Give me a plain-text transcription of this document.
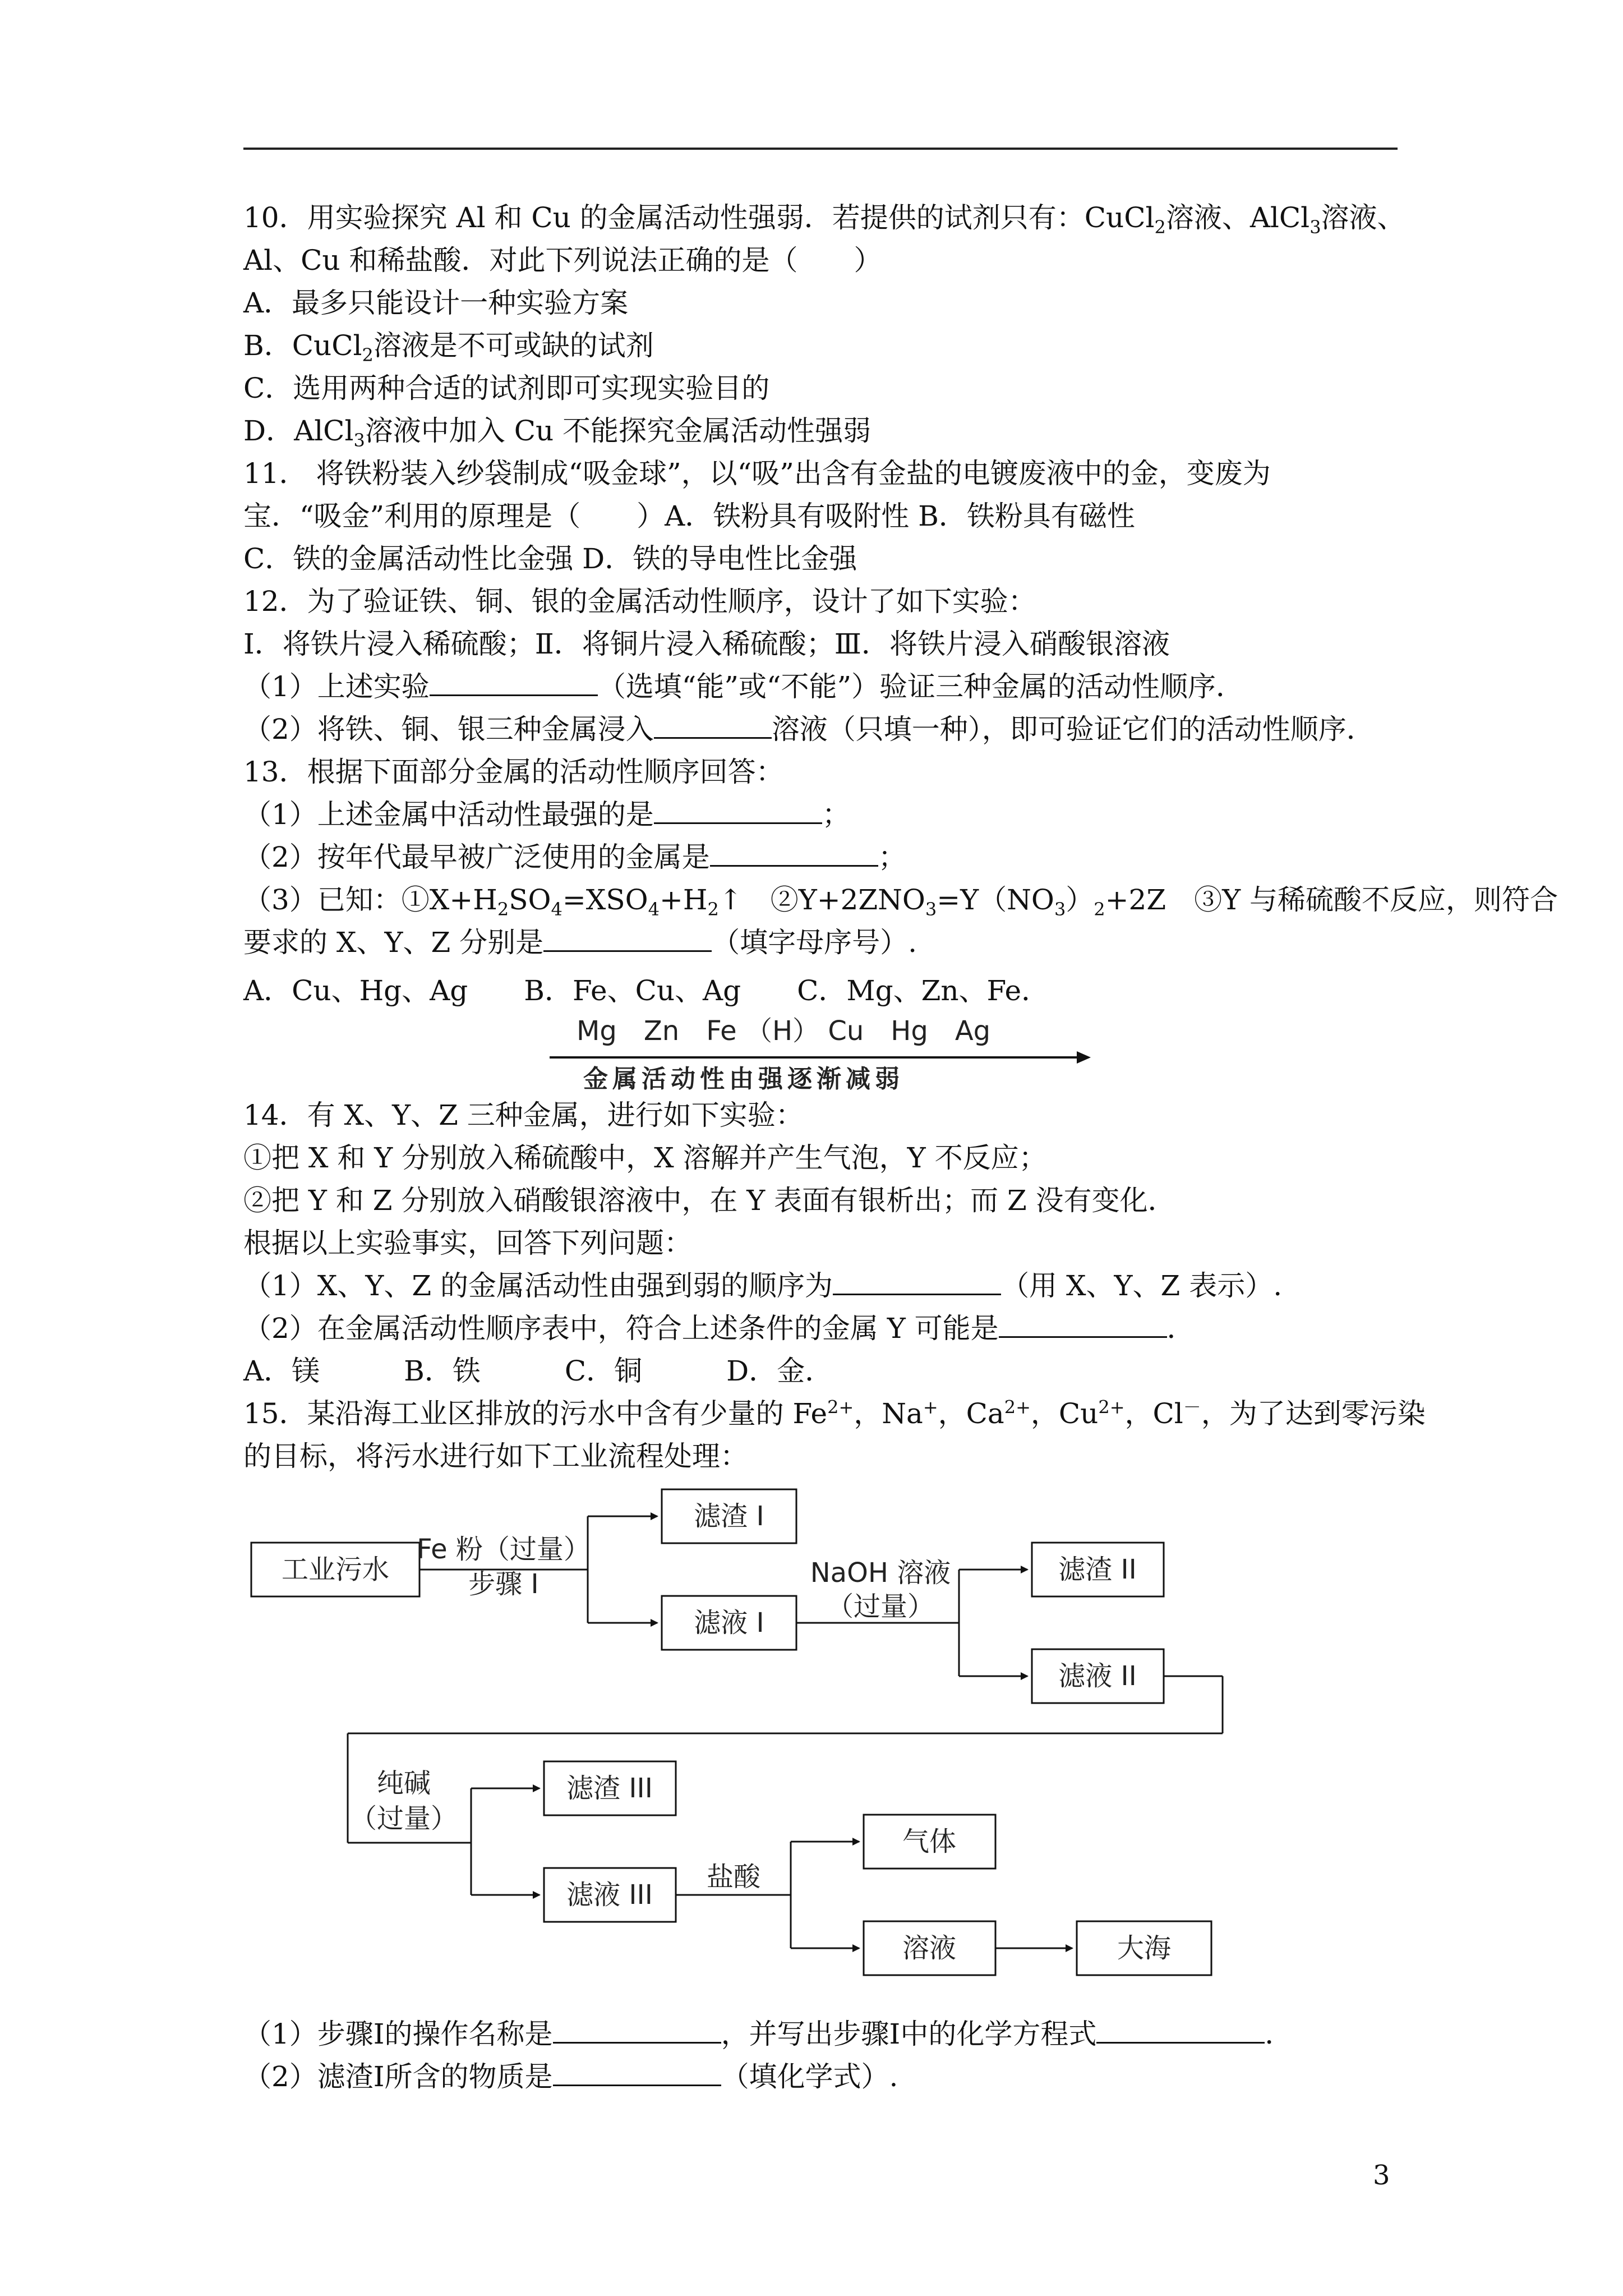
10．用实验探究 Al 和 Cu 的金属活动性强弱．若提供的试剂只有：CuCl$_2$溶液、AlCl$_3$溶液、
Al、Cu 和稀盐酸．对此下列说法正确的是（　　）
A．最多只能设计一种实验方案
B．CuCl$_2$溶液是不可或缺的试剂
C．选用两种合适的试剂即可实现实验目的
D．AlCl$_3$溶液中加入 Cu 不能探究金属活动性强弱
11． 将铁粉装入纱袋制成“吸金球”，以“吸”出含有金盐的电镀废液中的金，变废为
宝．“吸金”利用的原理是（　　）A．铁粉具有吸附性 B．铁粉具有磁性
C．铁的金属活动性比金强 D．铁的导电性比金强
12．为了验证铁、铜、银的金属活动性顺序，设计了如下实验：
Ⅰ．将铁片浸入稀硫酸；Ⅱ．将铜片浸入稀硫酸；Ⅲ．将铁片浸入硝酸银溶液
（1）上述实验	（选填“能”或“不能”）验证三种金属的活动性顺序．
（2）将铁、铜、银三种金属浸入	溶液（只填一种），即可验证它们的活动性顺序．
13．根据下面部分金属的活动性顺序回答：
（1）上述金属中活动性最强的是	；
（2）按年代最早被广泛使用的金属是	；
（3）已知：$①X+H_2SO_4=XSO_4+H_2↑$　$②Y+2ZNO_3=Y(NO_3)_2+2Z$　③Y 与稀硫酸不反应，则符合
要求的 X、Y、Z 分别是	（填字母序号）.
A．Cu、Hg、Ag　　B．Fe、Cu、Ag　　C．Mg、Zn、Fe．
Mg　Zn　Fe （H） Cu　Hg　Ag
金属活动性由强逐渐减弱
14．有 X、Y、Z 三种金属，进行如下实验：
①把 X 和 Y 分别放入稀硫酸中，X 溶解并产生气泡，Y 不反应；
②把 Y 和 Z 分别放入硝酸银溶液中，在 Y 表面有银析出；而 Z 没有变化．
根据以上实验事实，回答下列问题：
（1）X、Y、Z 的金属活动性由强到弱的顺序为	（用 X、Y、Z 表示）.
（2）在金属活动性顺序表中，符合上述条件的金属 Y 可能是	．
A．镁　　　B．铁　　　C．铜　　　D．金．
15．某沿海工业区排放的污水中含有少量的 $Fe^{2+}$，Na+，$Ca^{2+}$，$Cu^{2+}$，Cl－，为了达到零污染
的目标，将污水进行如下工业流程处理：
工业污水
Fe 粉（过量）
步骤 I
滤渣 I
滤液 I
NaOH 溶液
（过量）
滤渣 II
滤液 II
纯碱
（过量）
滤渣 III
滤液 III
盐酸
气体
溶液	大海
（1）步骤Ⅰ的操作名称是	，并写出步骤Ⅰ中的化学方程式	．
（2）滤渣Ⅰ所含的物质是	（填化学式）.
3
